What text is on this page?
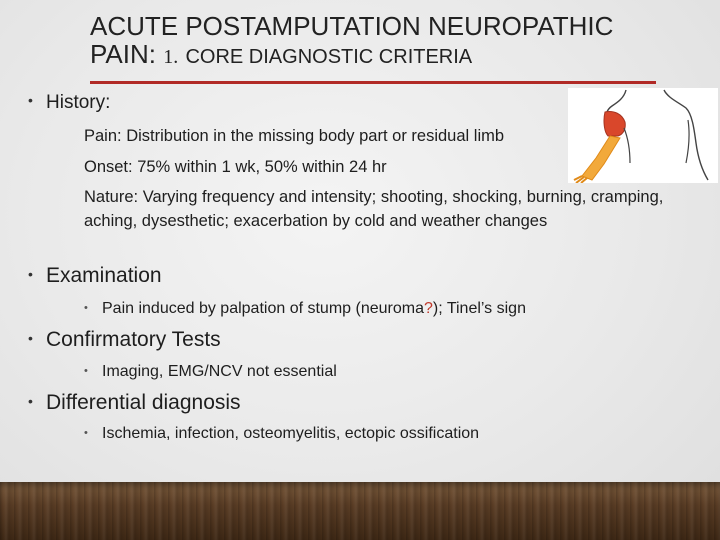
ACUTE POSTAMPUTATION NEUROPATHIC PAIN: 1. CORE DIAGNOSTIC CRITERIA
• History:
Pain: Distribution in the missing body part or residual limb
Onset: 75% within 1 wk, 50% within 24 hr
Nature: Varying frequency and intensity; shooting, shocking, burning, cramping, aching, dysesthetic; exacerbation by cold and weather changes
• Examination
• Pain induced by palpation of stump (neuroma?); Tinel’s sign
• Confirmatory Tests
• Imaging, EMG/NCV not essential
• Differential diagnosis
• Ischemia, infection, osteomyelitis, ectopic ossification
